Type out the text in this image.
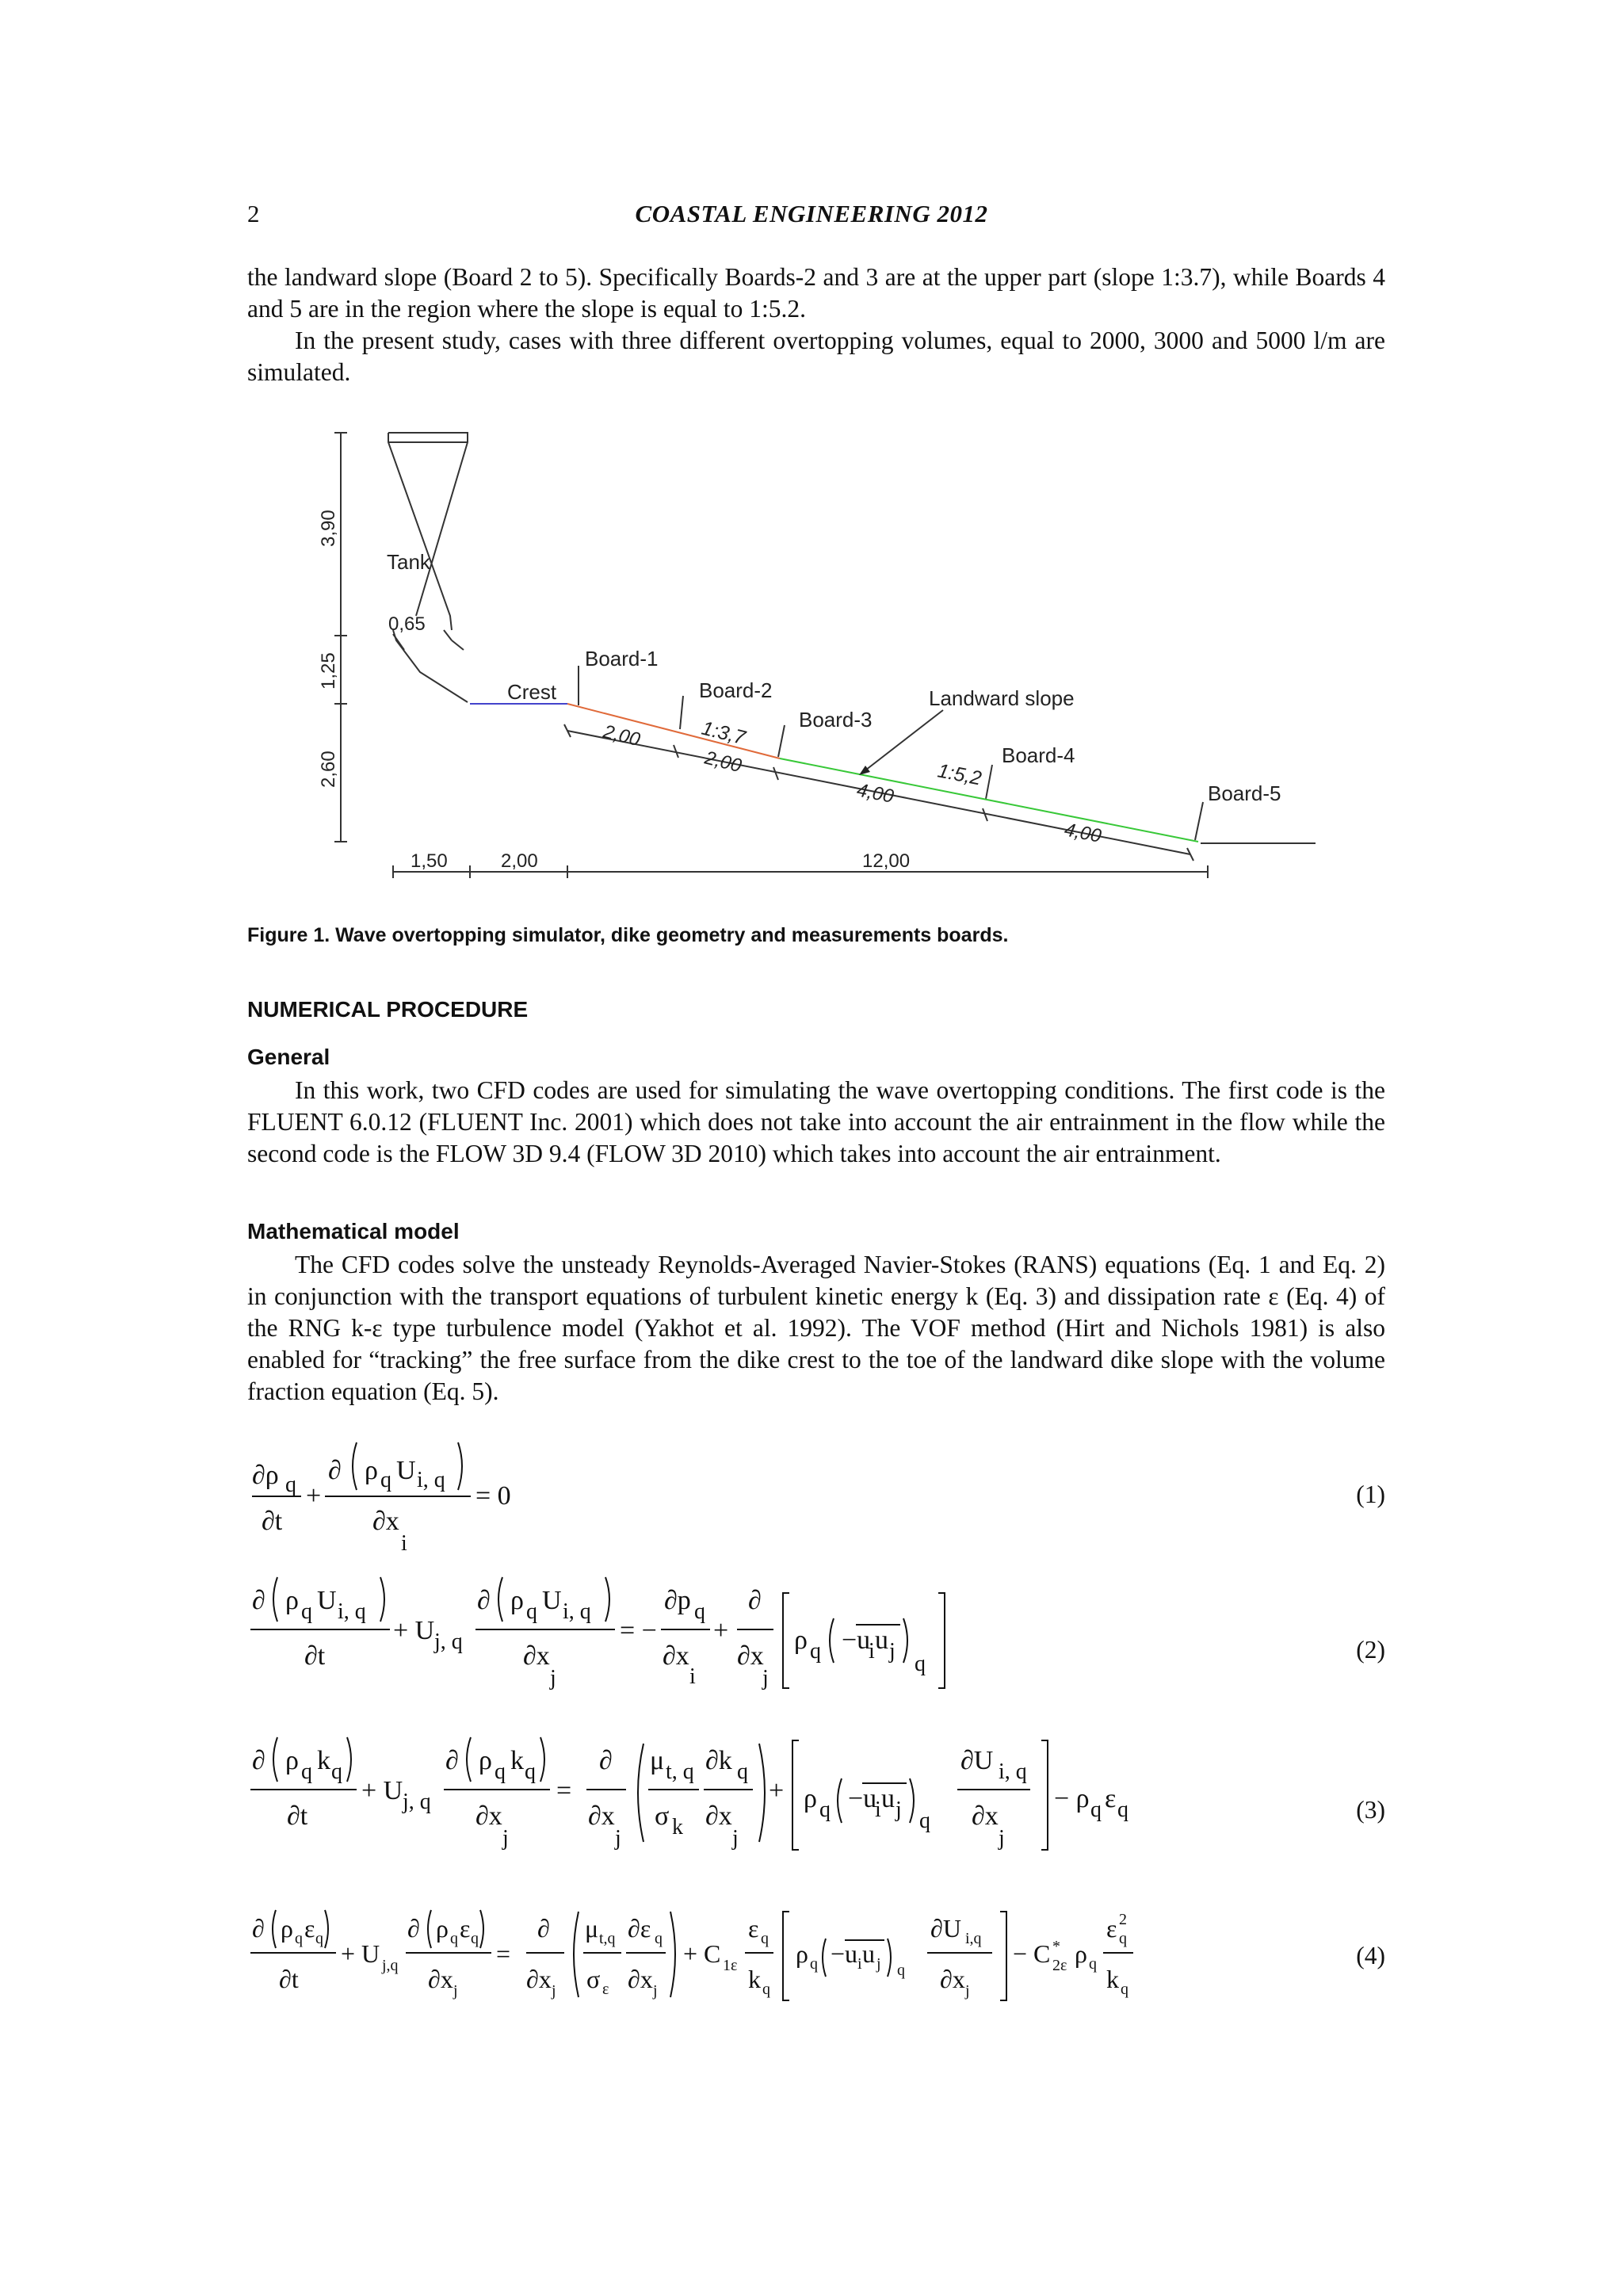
2	COASTAL ENGINEERING 2012

the landward slope (Board 2 to 5). Specifically Boards-2 and 3 are at the upper part (slope 1:3.7), while Boards 4 and 5 are in the region where the slope is equal to 1:5.2.

In the present study, cases with three different overtopping volumes, equal to 2000, 3000 and 5000 l/m are simulated.

Tank
0,65
Crest
Board-1
Board-2
Board-3
Landward slope
Board-4
Board-5
1:3,7
1:5,2
3,90
1,25
2,60
2,00
2,00
4,00
4,00
1,50	2,00	12,00
Figure 1. Wave overtopping simulator, dike geometry and measurements boards.
NUMERICAL PROCEDURE
General

In this work, two CFD codes are used for simulating the wave overtopping conditions. The first code is the FLUENT 6.0.12 (FLUENT Inc. 2001) which does not take into account the air entrainment in the flow while the second code is the FLOW 3D 9.4 (FLOW 3D 2010) which takes into account the air entrainment.

Mathematical model

The CFD codes solve the unsteady Reynolds-Averaged Navier-Stokes (RANS) equations (Eq. 1 and Eq. 2) in conjunction with the transport equations of turbulent kinetic energy k (Eq. 3) and dissipation rate ε (Eq. 4) of the RNG k-ε type turbulence model (Yakhot et al. 1992). The VOF method (Hirt and Nichols 1981) is also enabled for “tracking” the free surface from the dike crest to the toe of the landward dike slope with the volume fraction equation (Eq. 5).

∂ρ q
∂t
+
∂ ρ q U i, q
∂x
i
= 0
∂ ρ q U i, q
∂t
+ U j, q
∂ ρ q U i, q
∂x
j
= −
∂p q
∂x
i
+
∂
∂x
j
ρ q −u
i u j
q
∂ ρ q k q
∂t
+ U j, q
∂ ρ q k q
∂x
j
=
∂
∂x
j
μ t, q
σ k
∂k q
∂x
j
+ ρ q −u
i u j q
∂U i, q
∂x
j
− ρ q ε q
∂ ρ q ε q
∂t
+ U j,q
∂ ρ q ε q
∂x j
=
∂
∂x j
μ t,q
σ ε
∂ε q
∂x j
+ C 1ε
ε q
k q
ρ q −u i u j q
∂U i,q
∂x j
− C *
2ε ρ q
ε 2
q
k q
(1)
(2)
(3)
(4)
